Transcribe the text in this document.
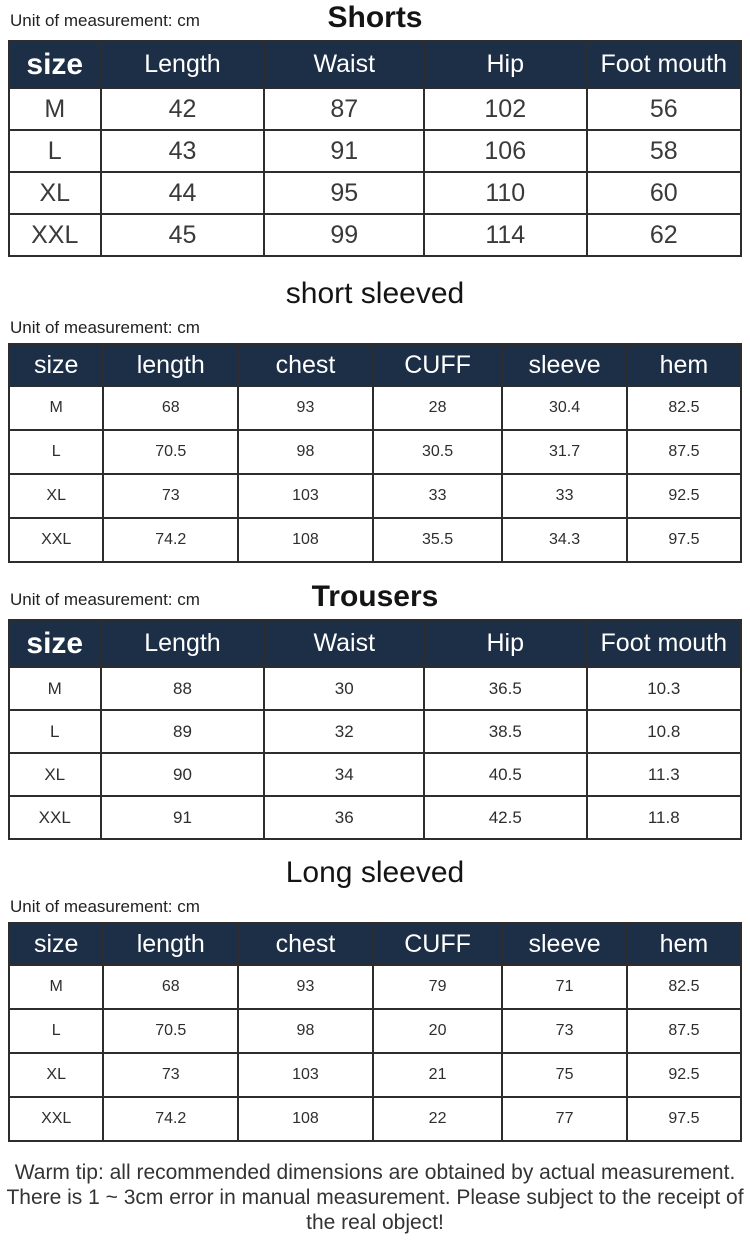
Shorts
Unit of measurement: cm
size	Length	Waist	Hip	Foot mouth
M	42	87	102	56
L	43	91	106	58
XL	44	95	110	60
XXL	45	99	114	62
short sleeved
Unit of measurement: cm
size	length	chest	CUFF	sleeve	hem
M	68	93	28	30.4	82.5
L	70.5	98	30.5	31.7	87.5
XL	73	103	33	33	92.5
XXL	74.2	108	35.5	34.3	97.5
Trousers
Unit of measurement: cm
size	Length	Waist	Hip	Foot mouth
M	88	30	36.5	10.3
L	89	32	38.5	10.8
XL	90	34	40.5	11.3
XXL	91	36	42.5	11.8
Long sleeved
Unit of measurement: cm
size	length	chest	CUFF	sleeve	hem
M	68	93	79	71	82.5
L	70.5	98	20	73	87.5
XL	73	103	21	75	92.5
XXL	74.2	108	22	77	97.5
Warm tip: all recommended dimensions are obtained by actual measurement. There is 1 ~ 3cm error in manual measurement. Please subject to the receipt of the real object!
